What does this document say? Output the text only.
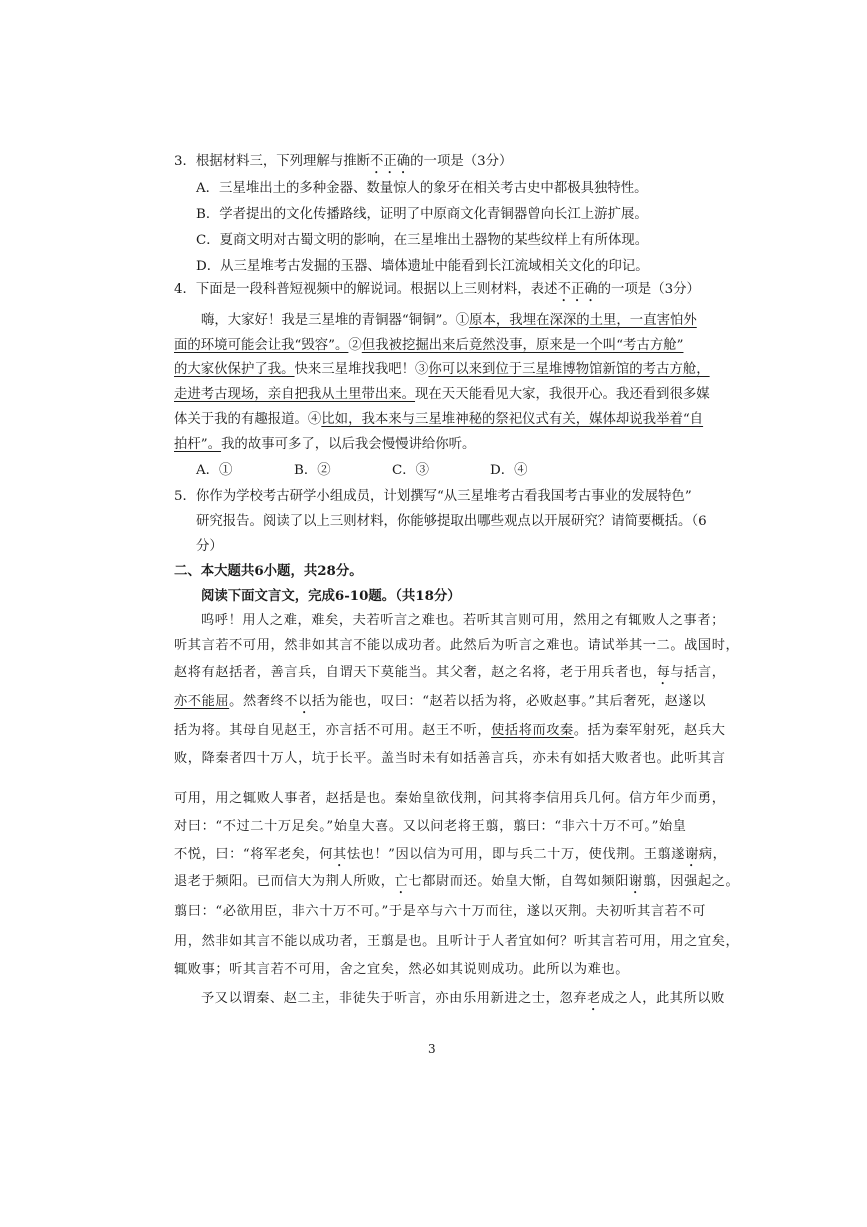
3．根据材料三，下列理解与推断不正确的一项是（3分）
A．三星堆出土的多种金器、数量惊人的象牙在相关考古史中都极具独特性。
B．学者提出的文化传播路线，证明了中原商文化青铜器曾向长江上游扩展。
C．夏商文明对古蜀文明的影响，在三星堆出土器物的某些纹样上有所体现。
D．从三星堆考古发掘的玉器、墙体遗址中能看到长江流域相关文化的印记。
4．下面是一段科普短视频中的解说词。根据以上三则材料，表述不正确的一项是（3分）
嗨，大家好！我是三星堆的青铜器“铜铜”。①原本，我埋在深深的土里，一直害怕外
面的环境可能会让我“毁容”。②但我被挖掘出来后竟然没事，原来是一个叫“考古方舱”
的大家伙保护了我。快来三星堆找我吧！③你可以来到位于三星堆博物馆新馆的考古方舱，
走进考古现场，亲自把我从土里带出来。现在天天能看见大家，我很开心。我还看到很多媒
体关于我的有趣报道。④比如，我本来与三星堆神秘的祭祀仪式有关，媒体却说我举着“自
拍杆”。我的故事可多了，以后我会慢慢讲给你听。
A．①	B．②	C．③	D．④
5．你作为学校考古研学小组成员，计划撰写“从三星堆考古看我国考古事业的发展特色”
研究报告。阅读了以上三则材料，你能够提取出哪些观点以开展研究？请简要概括。（6
分）
二、本大题共6小题，共28分。
阅读下面文言文，完成6-10题。（共18分）
呜呼！用人之难，难矣，夫若听言之难也。若听其言则可用，然用之有辄败人之事者；
听其言若不可用，然非如其言不能以成功者。此然后为听言之难也。请试举其一二。战国时，
赵将有赵括者，善言兵，自谓天下莫能当。其父奢，赵之名将，老于用兵者也，每与括言，
亦不能屈。然奢终不以括为能也，叹曰：“赵若以括为将，必败赵事。”其后奢死，赵遂以
括为将。其母自见赵王，亦言括不可用。赵王不听，使括将而攻秦。括为秦军射死，赵兵大
败，降秦者四十万人，坑于长平。盖当时未有如括善言兵，亦未有如括大败者也。此听其言
可用，用之辄败人事者，赵括是也。秦始皇欲伐荆，问其将李信用兵几何。信方年少而勇，
对曰：“不过二十万足矣。”始皇大喜。又以问老将王翦，翦曰：“非六十万不可。”始皇
不悦，曰：“将军老矣，何其怯也！”因以信为可用，即与兵二十万，使伐荆。王翦遂谢病，
退老于频阳。已而信大为荆人所败，亡七都尉而还。始皇大惭，自驾如频阳谢翦，因强起之。
翦曰：“必欲用臣，非六十万不可。”于是卒与六十万而往，遂以灭荆。夫初听其言若不可
用，然非如其言不能以成功者，王翦是也。且听计于人者宜如何？听其言若可用，用之宜矣，
辄败事；听其言若不可用，舍之宜矣，然必如其说则成功。此所以为难也。
予又以谓秦、赵二主，非徒失于听言，亦由乐用新进之士，忽弃老成之人，此其所以败
3
